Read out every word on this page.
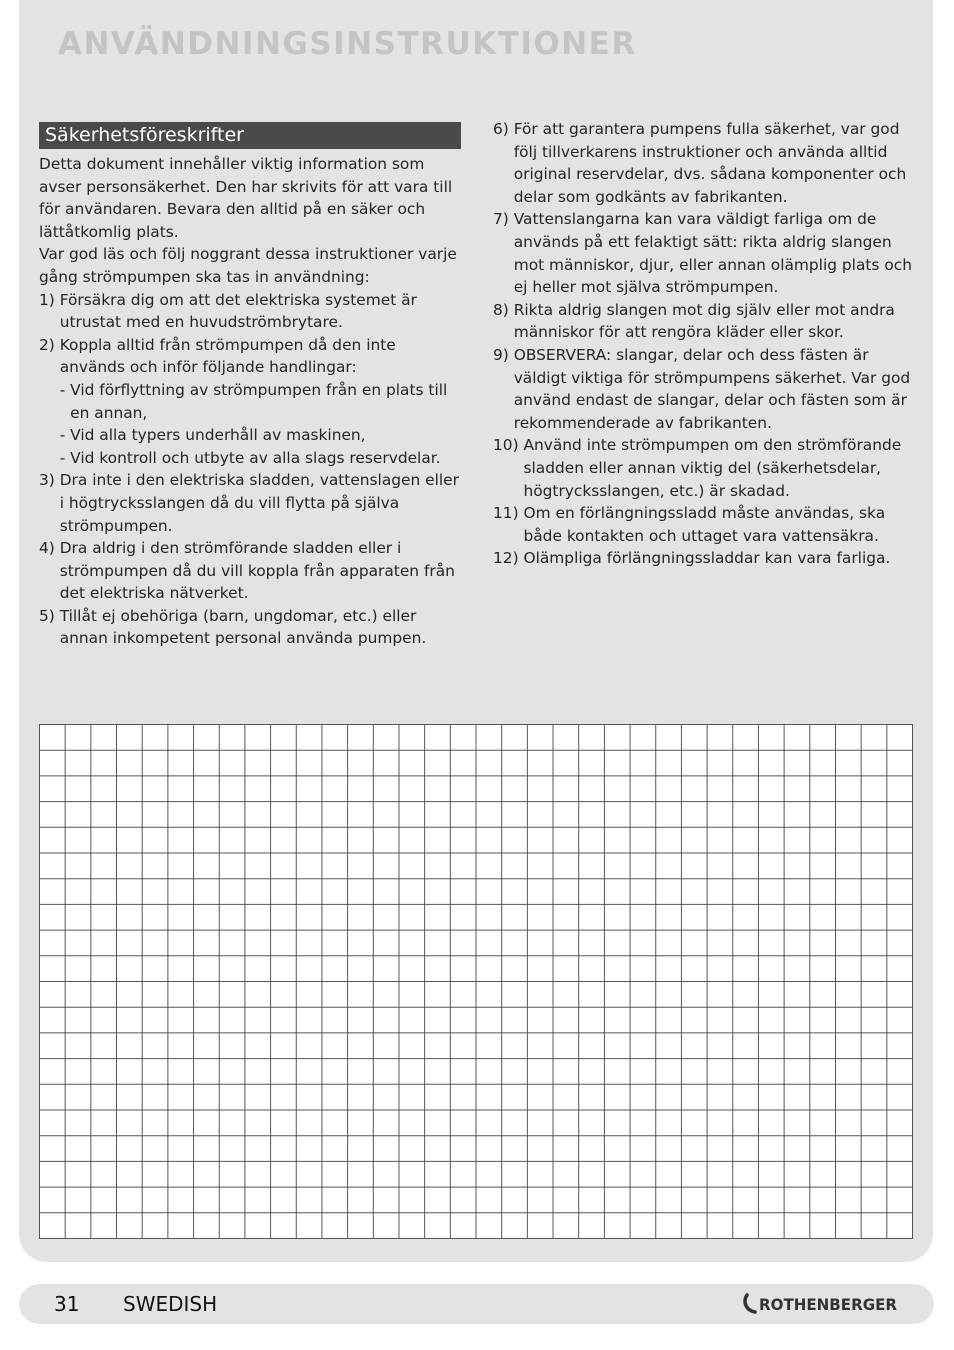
ANVÄNDNINGSINSTRUKTIONER
Säkerhetsföreskrifter

Detta dokument innehåller viktig information som avser personsäkerhet. Den har skrivits för att vara till för användaren. Bevara den alltid på en säker och lättåtkomlig plats.

Var god läs och följ noggrant dessa instruktioner varje gång strömpumpen ska tas in användning:

1) Försäkra dig om att det elektriska systemet är utrustat med en huvudströmbrytare.
2) Koppla alltid från strömpumpen då den inte används och inför följande handlingar:
- Vid förflyttning av strömpumpen från en plats till en annan,
- Vid alla typers underhåll av maskinen,
- Vid kontroll och utbyte av alla slags reservdelar.
3) Dra inte i den elektriska sladden, vattenslagen eller i högtrycksslangen då du vill flytta på själva strömpumpen.
4) Dra aldrig i den strömförande sladden eller i strömpumpen då du vill koppla från apparaten från det elektriska nätverket.
5) Tillåt ej obehöriga (barn, ungdomar, etc.) eller annan inkompetent personal använda pumpen.
6) För att garantera pumpens fulla säkerhet, var god följ tillverkarens instruktioner och använda alltid original reservdelar, dvs. sådana komponenter och delar som godkänts av fabrikanten.
7) Vattenslangarna kan vara väldigt farliga om de används på ett felaktigt sätt: rikta aldrig slangen mot människor, djur, eller annan olämplig plats och ej heller mot själva strömpumpen.
8) Rikta aldrig slangen mot dig själv eller mot andra människor för att rengöra kläder eller skor.
9) OBSERVERA: slangar, delar och dess fästen är väldigt viktiga för strömpumpens säkerhet. Var god använd endast de slangar, delar och fästen som är rekommenderade av fabrikanten.
10) Använd inte strömpumpen om den strömförande sladden eller annan viktig del (säkerhetsdelar, högtrycksslangen, etc.) är skadad.
11) Om en förlängningssladd måste användas, ska både kontakten och uttaget vara vattensäkra.
12) Olämpliga förlängningssladdar kan vara farliga.
31 SWEDISH	ROTHENBERGER
